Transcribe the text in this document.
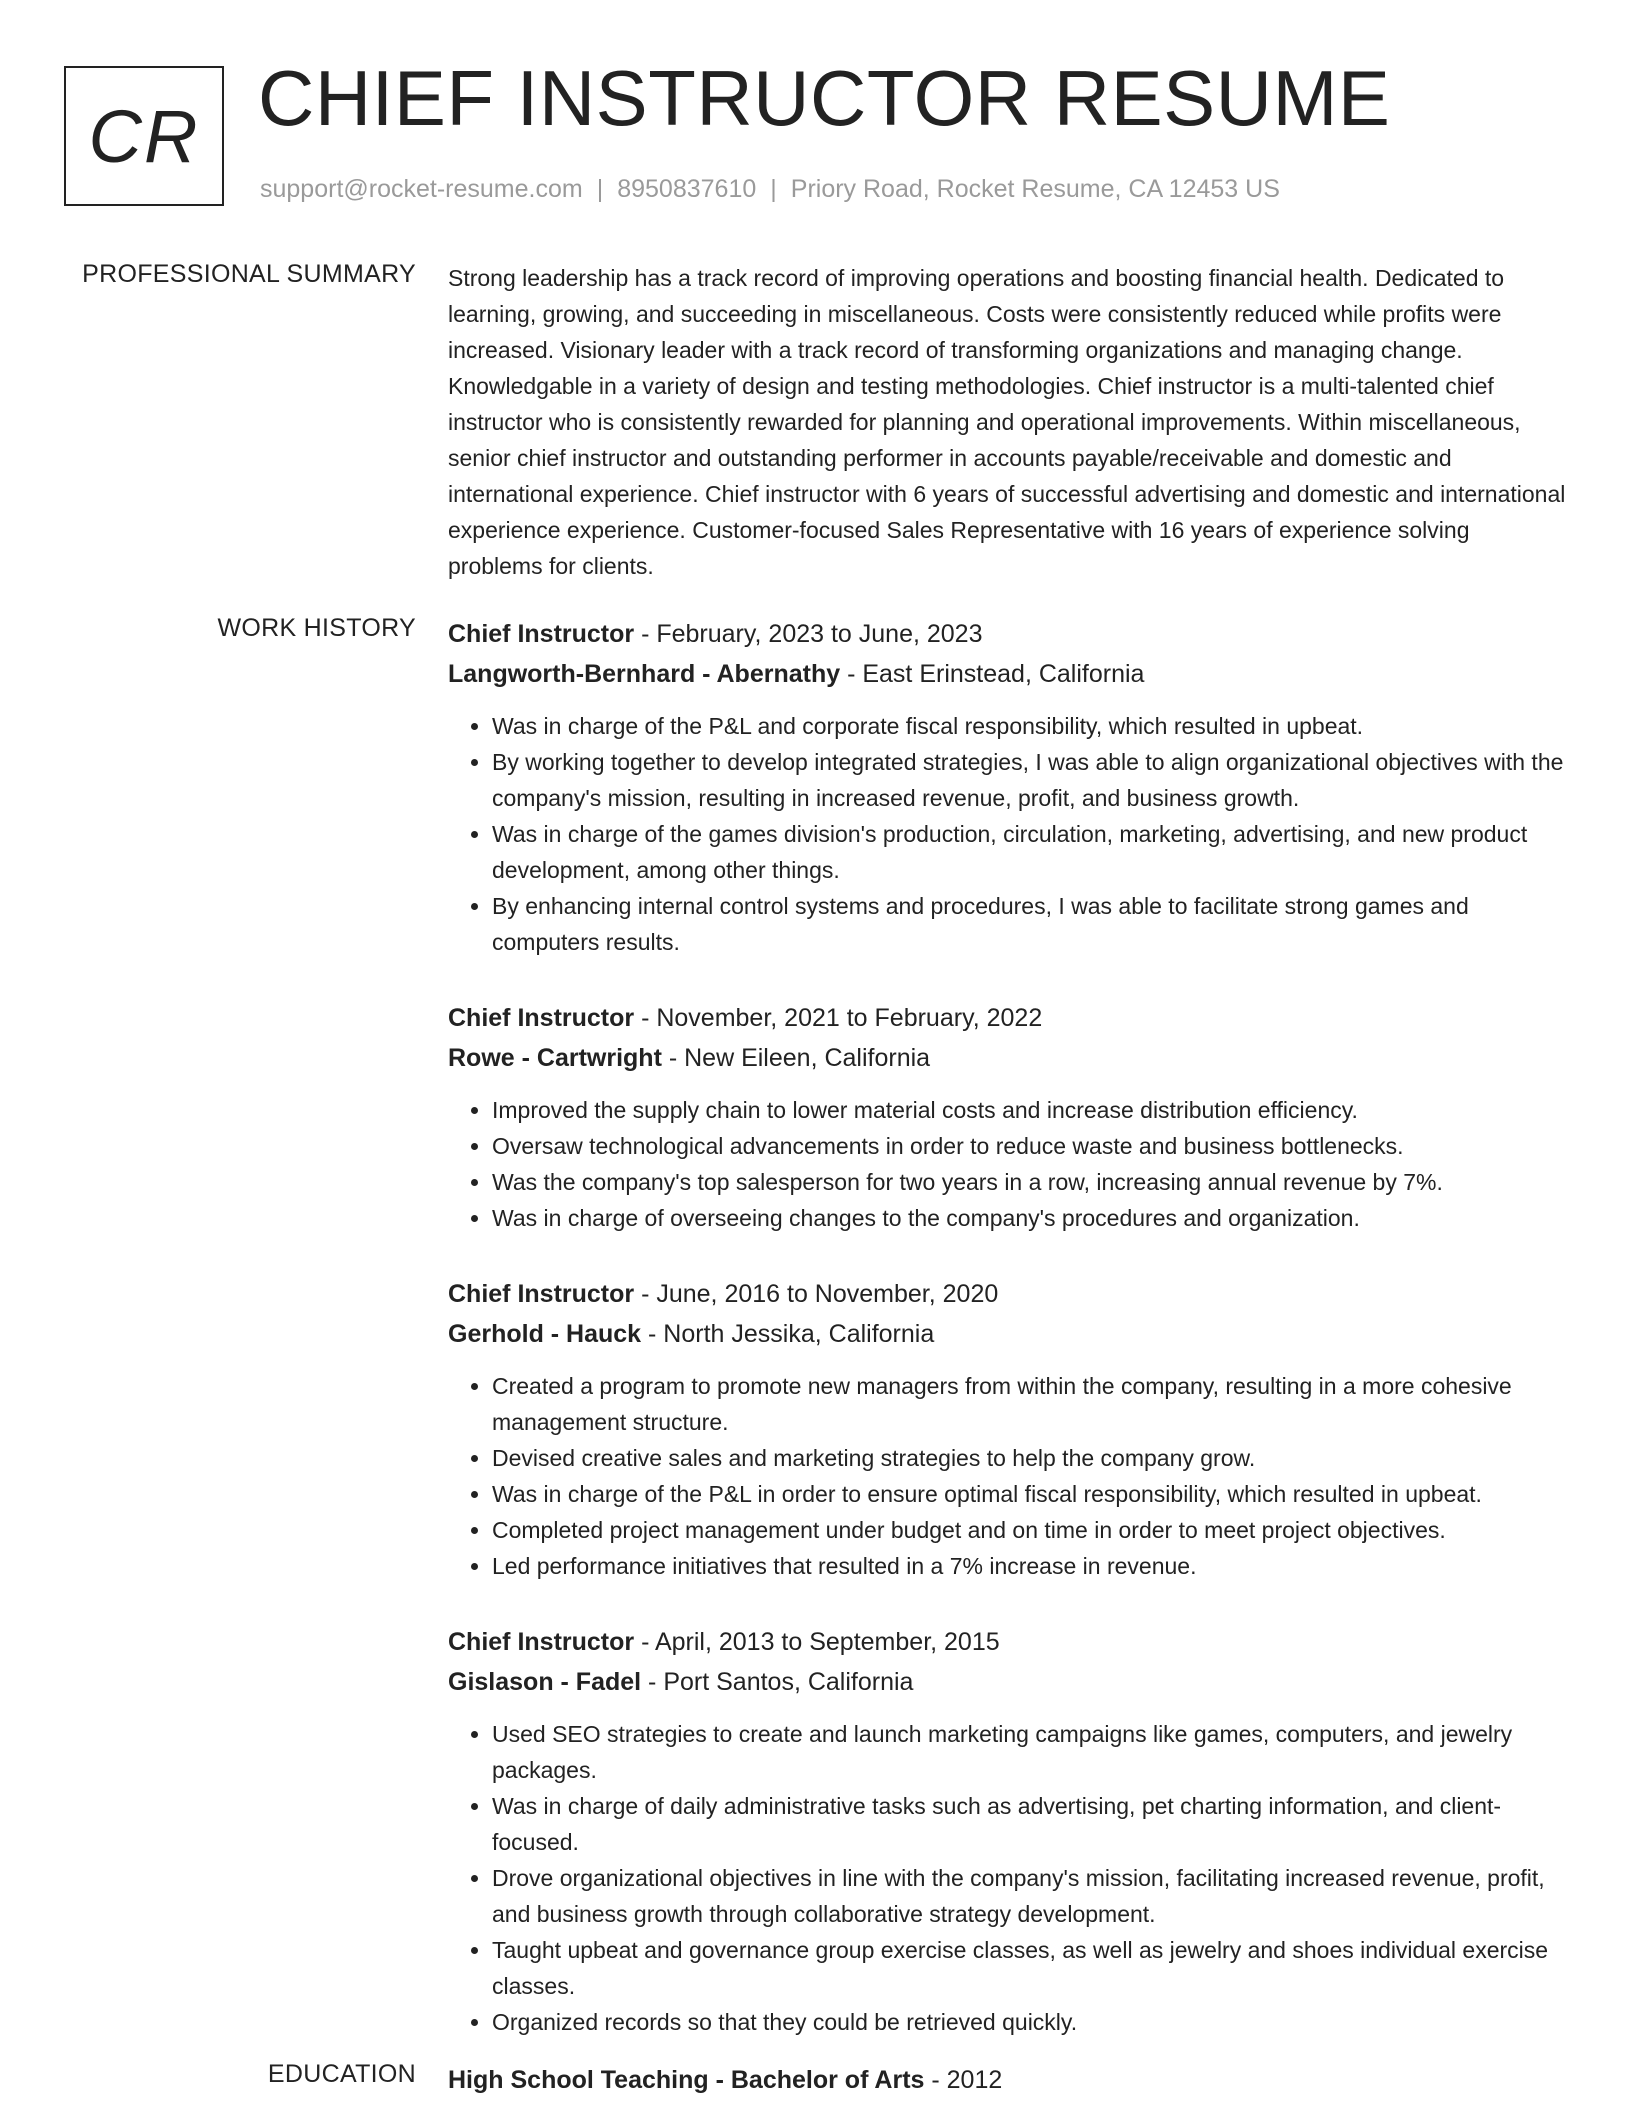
CR CHIEF INSTRUCTOR RESUME
support@rocket-resume.com | 8950837610 | Priory Road, Rocket Resume, CA 12453 US
PROFESSIONAL SUMMARY Strong leadership has a track record of improving operations and boosting financial health. Dedicated to learning, growing, and succeeding in miscellaneous. Costs were consistently reduced while profits were increased. Visionary leader with a track record of transforming organizations and managing change. Knowledgable in a variety of design and testing methodologies. Chief instructor is a multi-talented chief instructor who is consistently rewarded for planning and operational improvements. Within miscellaneous, senior chief instructor and outstanding performer in accounts payable/receivable and domestic and international experience. Chief instructor with 6 years of successful advertising and domestic and international experience experience. Customer-focused Sales Representative with 16 years of experience solving problems for clients.

WORK HISTORY Chief Instructor - February, 2023 to June, 2023
Langworth-Bernhard - Abernathy - East Erinstead, California
• Was in charge of the P&L and corporate fiscal responsibility, which resulted in upbeat.
• By working together to develop integrated strategies, I was able to align organizational objectives with the company's mission, resulting in increased revenue, profit, and business growth.
• Was in charge of the games division's production, circulation, marketing, advertising, and new product development, among other things.
• By enhancing internal control systems and procedures, I was able to facilitate strong games and computers results.
Chief Instructor - November, 2021 to February, 2022
Rowe - Cartwright - New Eileen, California
• Improved the supply chain to lower material costs and increase distribution efficiency.
• Oversaw technological advancements in order to reduce waste and business bottlenecks.
• Was the company's top salesperson for two years in a row, increasing annual revenue by 7%.
• Was in charge of overseeing changes to the company's procedures and organization.
Chief Instructor - June, 2016 to November, 2020
Gerhold - Hauck - North Jessika, California
• Created a program to promote new managers from within the company, resulting in a more cohesive management structure.
• Devised creative sales and marketing strategies to help the company grow.
• Was in charge of the P&L in order to ensure optimal fiscal responsibility, which resulted in upbeat.
• Completed project management under budget and on time in order to meet project objectives.
• Led performance initiatives that resulted in a 7% increase in revenue.
Chief Instructor - April, 2013 to September, 2015
Gislason - Fadel - Port Santos, California
• Used SEO strategies to create and launch marketing campaigns like games, computers, and jewelry packages.
• Was in charge of daily administrative tasks such as advertising, pet charting information, and client-focused.
• Drove organizational objectives in line with the company's mission, facilitating increased revenue, profit, and business growth through collaborative strategy development.
• Taught upbeat and governance group exercise classes, as well as jewelry and shoes individual exercise classes.
• Organized records so that they could be retrieved quickly.
EDUCATION High School Teaching - Bachelor of Arts - 2012
